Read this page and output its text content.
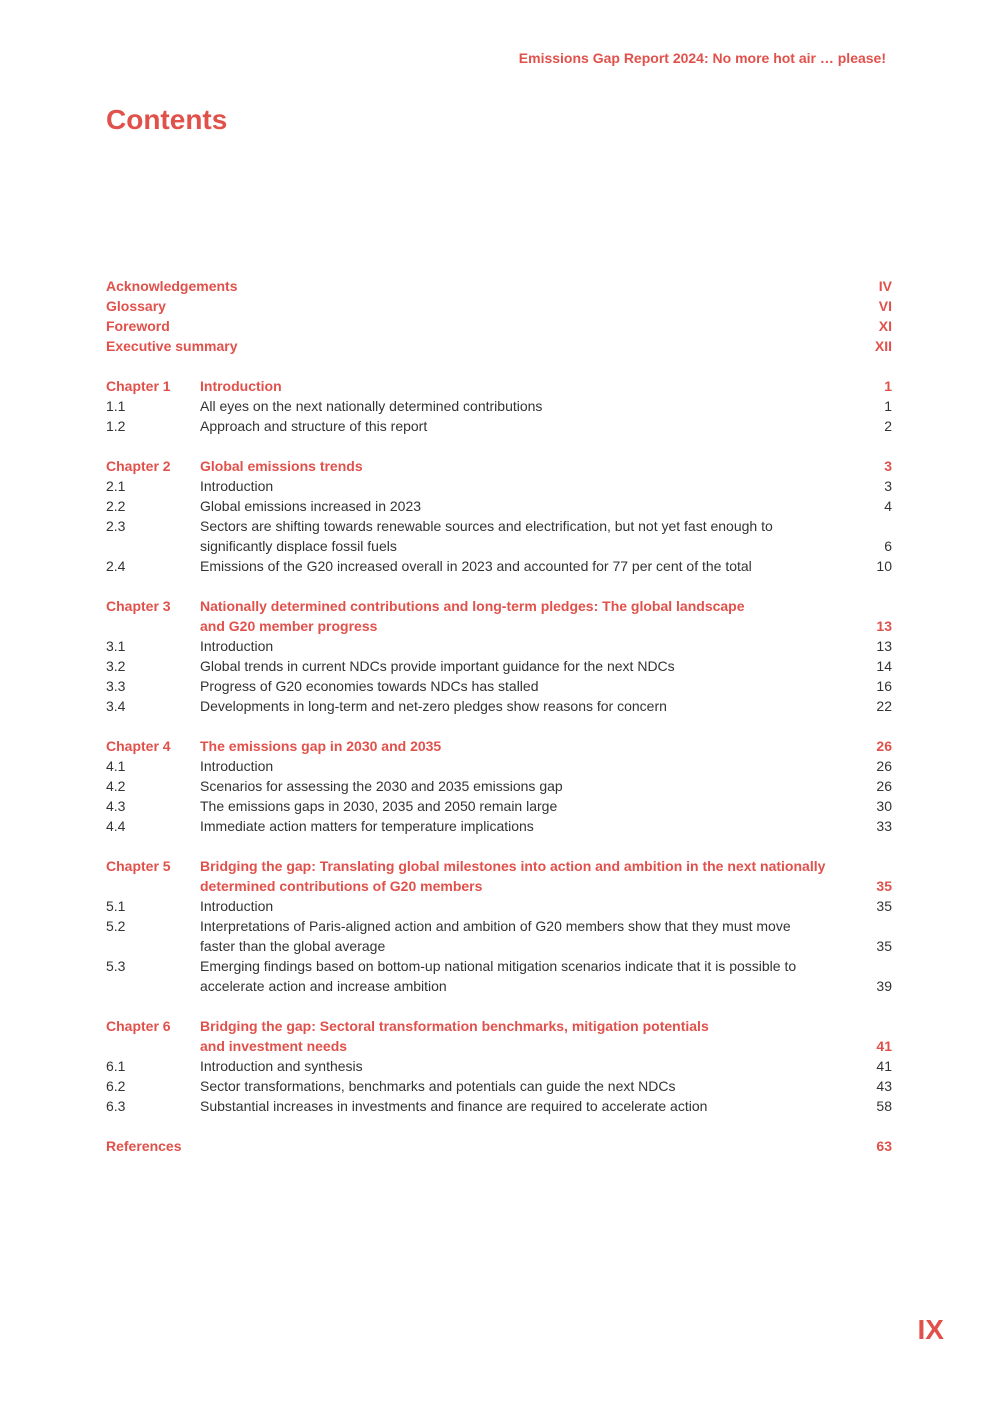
Emissions Gap Report 2024: No more hot air … please!
Contents
Acknowledgements	IV
Glossary	VI
Foreword	XI
Executive summary	XII
Chapter 1	Introduction	1
1.1	All eyes on the next nationally determined contributions	1
1.2	Approach and structure of this report	2
Chapter 2	Global emissions trends	3
2.1	Introduction	3
2.2	Global emissions increased in 2023	4
2.3	Sectors are shifting towards renewable sources and electrification, but not yet fast enough to
significantly displace fossil fuels	6
2.4	Emissions of the G20 increased overall in 2023 and accounted for 77 per cent of the total	10
Chapter 3	Nationally determined contributions and long-term pledges: The global landscape
and G20 member progress	13
3.1	Introduction	13
3.2	Global trends in current NDCs provide important guidance for the next NDCs	14
3.3	Progress of G20 economies towards NDCs has stalled	16
3.4	Developments in long-term and net-zero pledges show reasons for concern	22
Chapter 4	The emissions gap in 2030 and 2035	26
4.1	Introduction	26
4.2	Scenarios for assessing the 2030 and 2035 emissions gap	26
4.3	The emissions gaps in 2030, 2035 and 2050 remain large	30
4.4	Immediate action matters for temperature implications	33
Chapter 5	Bridging the gap: Translating global milestones into action and ambition in the next nationally
determined contributions of G20 members	35
5.1	Introduction	35
5.2	Interpretations of Paris-aligned action and ambition of G20 members show that they must move
faster than the global average	35
5.3	Emerging findings based on bottom-up national mitigation scenarios indicate that it is possible to
accelerate action and increase ambition	39
Chapter 6	Bridging the gap: Sectoral transformation benchmarks, mitigation potentials
and investment needs	41
6.1	Introduction and synthesis	41
6.2	Sector transformations, benchmarks and potentials can guide the next NDCs	43
6.3	Substantial increases in investments and finance are required to accelerate action	58
References	63
IX
